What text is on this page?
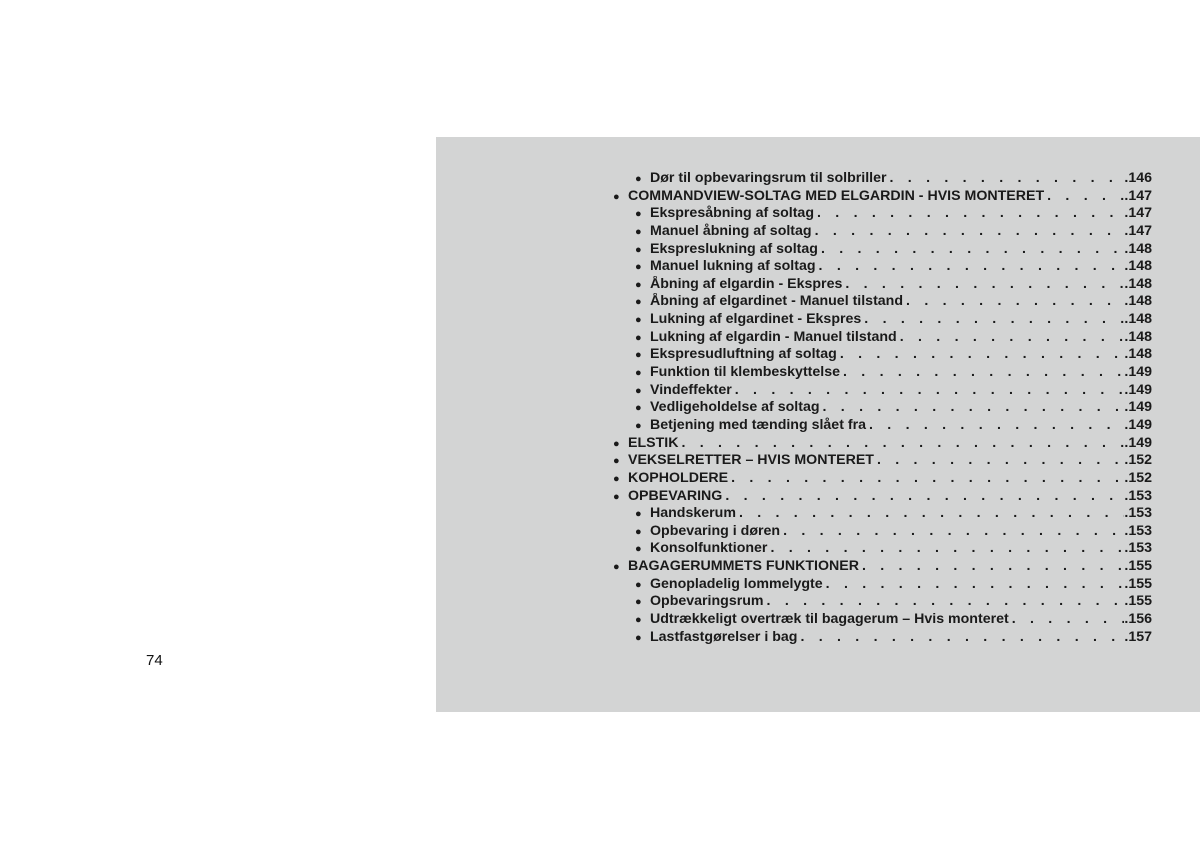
● Dør til opbevaringsrum til solbriller . . .	.146
● COMMANDVIEW-SOLTAG MED ELGARDIN - HVIS MONTERET . . .	.147
● Ekspresåbning af soltag . . .	.147
● Manuel åbning af soltag . . .	.147
● Ekspreslukning af soltag . . .	.148
● Manuel lukning af soltag . . .	.148
● Åbning af elgardin - Ekspres . . .	.148
● Åbning af elgardinet - Manuel tilstand . . .	.148
● Lukning af elgardinet - Ekspres . . .	.148
● Lukning af elgardin - Manuel tilstand . . .	.148
● Ekspresudluftning af soltag . . .	.148
● Funktion til klembeskyttelse . . .	.149
● Vindeffekter . . .	.149
● Vedligeholdelse af soltag . . .	.149
● Betjening med tænding slået fra . . .	.149
● ELSTIK . . .	.149
● VEKSELRETTER – HVIS MONTERET . . .	.152
● KOPHOLDERE . . .	.152
● OPBEVARING . . .	.153
● Handskerum . . .	.153
● Opbevaring i døren . . .	.153
● Konsolfunktioner . . .	.153
● BAGAGERUMMETS FUNKTIONER . . .	.155
● Genopladelig lommelygte . . .	.155
● Opbevaringsrum . . .	.155
● Udtrækkeligt overtræk til bagagerum – Hvis monteret . . .	.156
● Lastfastgørelser i bag . . .	.157
74
